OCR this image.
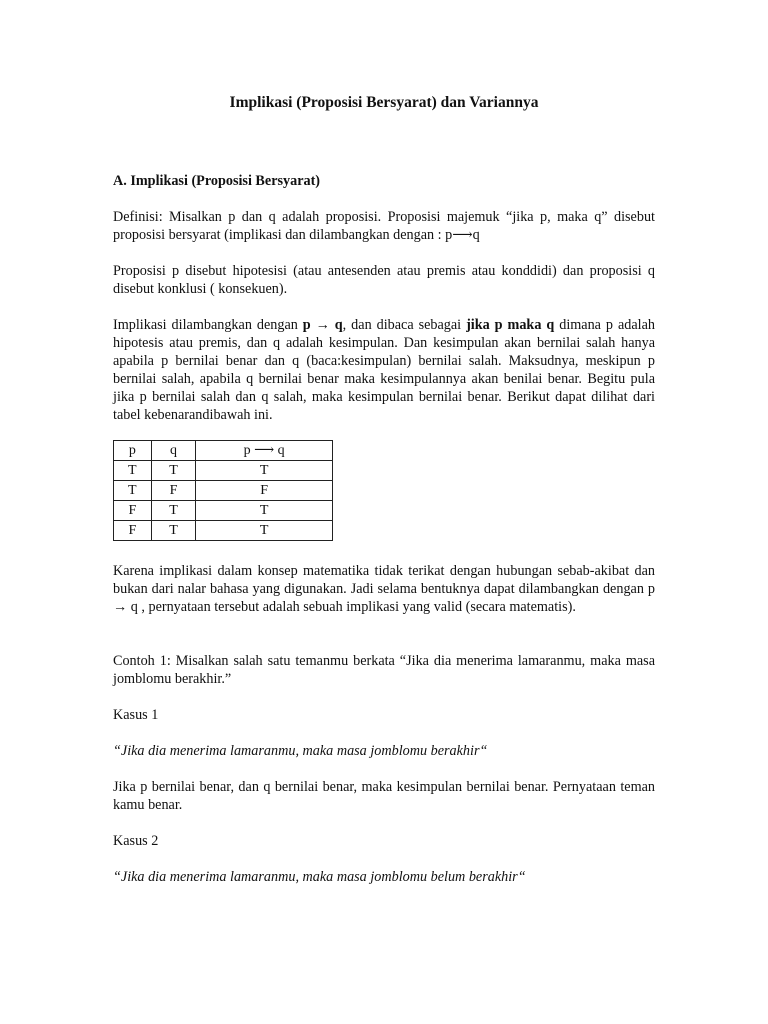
Implikasi (Proposisi Bersyarat) dan Variannya
A. Implikasi (Proposisi Bersyarat)

Definisi: Misalkan p dan q adalah proposisi. Proposisi majemuk “jika p, maka q” disebut proposisi bersyarat (implikasi dan dilambangkan dengan : p⟶q

Proposisi p disebut hipotesisi (atau antesenden atau premis atau konddidi) dan proposisi q disebut konklusi ( konsekuen).

Implikasi dilambangkan dengan p → q, dan dibaca sebagai jika p maka q dimana p adalah hipotesis atau premis, dan q adalah kesimpulan. Dan kesimpulan akan bernilai salah hanya apabila p bernilai benar dan q (baca:kesimpulan) bernilai salah. Maksudnya, meskipun p bernilai salah, apabila q bernilai benar maka kesimpulannya akan benilai benar. Begitu pula jika p bernilai salah dan q salah, maka kesimpulan bernilai benar. Berikut dapat dilihat dari tabel kebenarandibawah ini.

p	q	p ⟶ q
T	T	T
T	F	F
F	T	T
F	T	T

Karena implikasi dalam konsep matematika tidak terikat dengan hubungan sebab-akibat dan bukan dari nalar bahasa yang digunakan. Jadi selama bentuknya dapat dilambangkan dengan p → q , pernyataan tersebut adalah sebuah implikasi yang valid (secara matematis).

Contoh 1: Misalkan salah satu temanmu berkata “Jika dia menerima lamaranmu, maka masa jomblomu berakhir.”

Kasus 1

“Jika dia menerima lamaranmu, maka masa jomblomu berakhir“

Jika p bernilai benar, dan q bernilai benar, maka kesimpulan bernilai benar. Pernyataan teman kamu benar.

Kasus 2

“Jika dia menerima lamaranmu, maka masa jomblomu belum berakhir“
